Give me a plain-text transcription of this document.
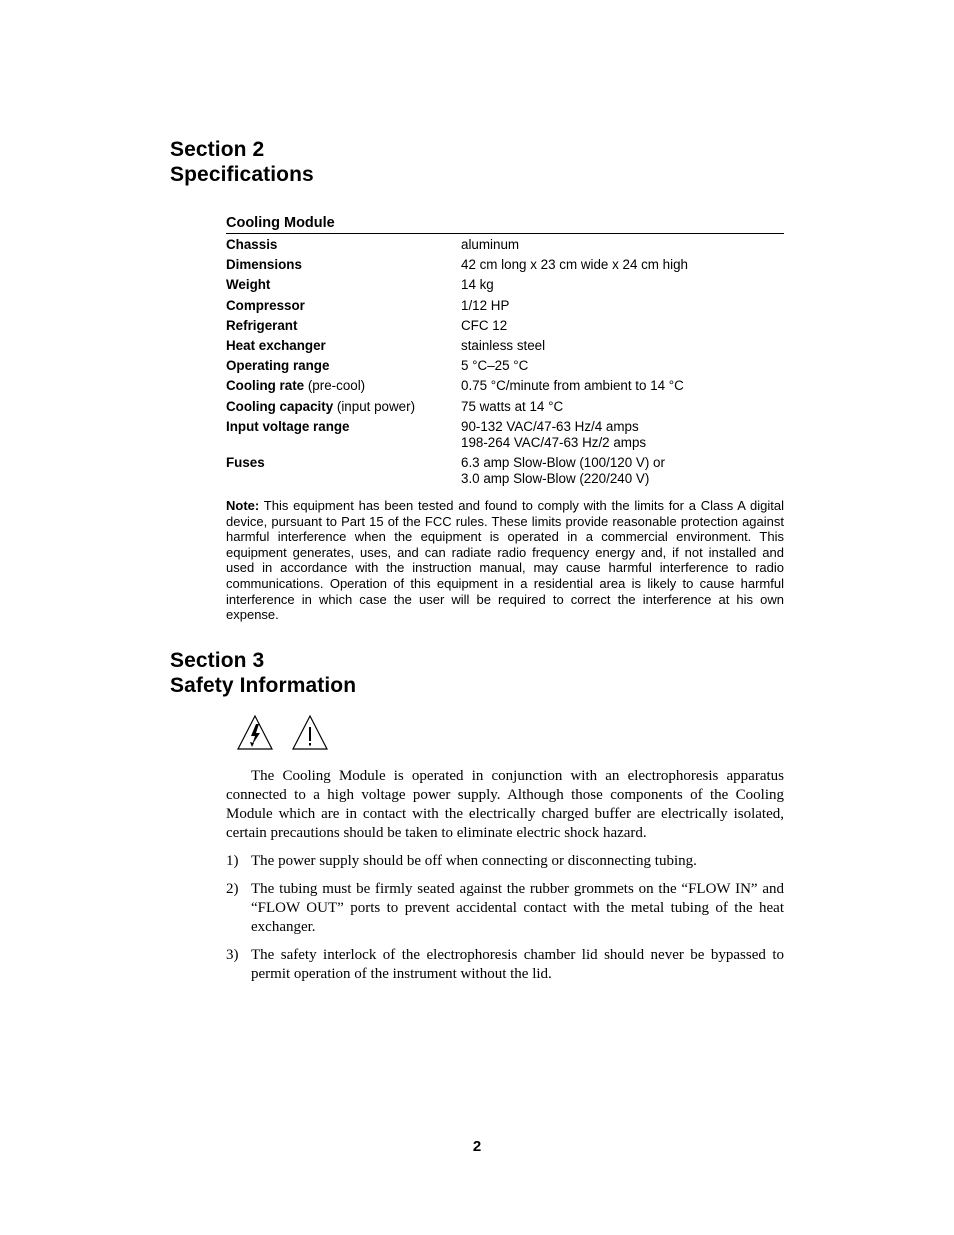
Section 2
Specifications
Cooling Module
Chassis	aluminum
Dimensions	42 cm long x 23 cm wide x 24 cm high
Weight	14 kg
Compressor	1/12 HP
Refrigerant	CFC 12
Heat exchanger	stainless steel
Operating range	5 °C–25 °C
Cooling rate (pre-cool)	0.75 °C/minute from ambient to 14 °C
Cooling capacity (input power)	75 watts at 14 °C
Input voltage range	90-132 VAC/47-63 Hz/4 amps
198-264 VAC/47-63 Hz/2 amps
Fuses	6.3 amp Slow-Blow (100/120 V) or
3.0 amp Slow-Blow (220/240 V)
Note: This equipment has been tested and found to comply with the limits for a Class A digital device, pursuant to Part 15 of the FCC rules. These limits provide reasonable protection against harmful interference when the equipment is operated in a commercial environment. This equipment generates, uses, and can radiate radio frequency energy and, if not installed and used in accordance with the instruction manual, may cause harmful interference to radio communications. Operation of this equipment in a residential area is likely to cause harmful interference in which case the user will be required to correct the interference at his own expense.
Section 3
Safety Information

The Cooling Module is operated in conjunction with an electrophoresis apparatus connected to a high voltage power supply. Although those components of the Cooling Module which are in contact with the electrically charged buffer are electrically isolated, certain precautions should be taken to eliminate electric shock hazard.

1) The power supply should be off when connecting or disconnecting tubing.
2) The tubing must be firmly seated against the rubber grommets on the “FLOW IN” and “FLOW OUT” ports to prevent accidental contact with the metal tubing of the heat exchanger.
3) The safety interlock of the electrophoresis chamber lid should never be bypassed to permit operation of the instrument without the lid.
2
